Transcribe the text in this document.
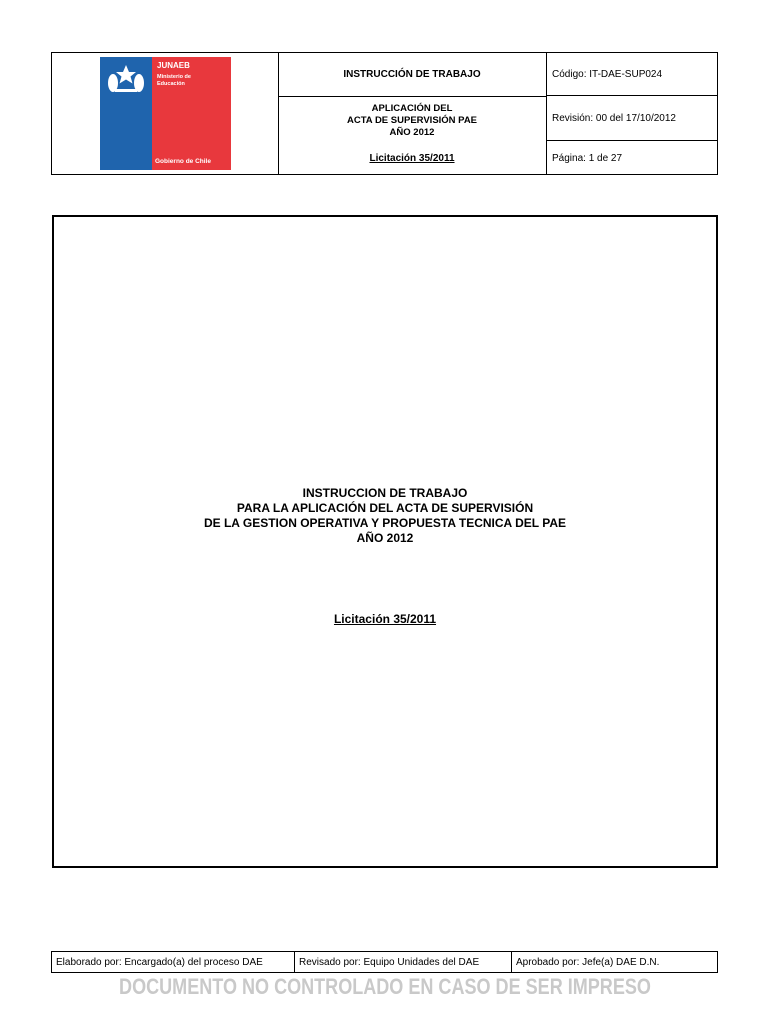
JUNAEB
Ministerio de
Educación
Gobierno de Chile
INSTRUCCIÓN DE TRABAJO
APLICACIÓN DEL
ACTA DE SUPERVISIÓN PAE
AÑO 2012
Licitación 35/2011
Código: IT-DAE-SUP024
Revisión: 00 del 17/10/2012
Página: 1 de 27
INSTRUCCION DE TRABAJO
PARA LA APLICACIÓN DEL ACTA DE SUPERVISIÓN
DE LA GESTION OPERATIVA Y PROPUESTA TECNICA DEL PAE
AÑO 2012
Licitación 35/2011
Elaborado por: Encargado(a) del proceso DAE	Revisado por: Equipo Unidades del DAE	Aprobado por: Jefe(a) DAE D.N.
DOCUMENTO NO CONTROLADO EN CASO DE SER IMPRESO
